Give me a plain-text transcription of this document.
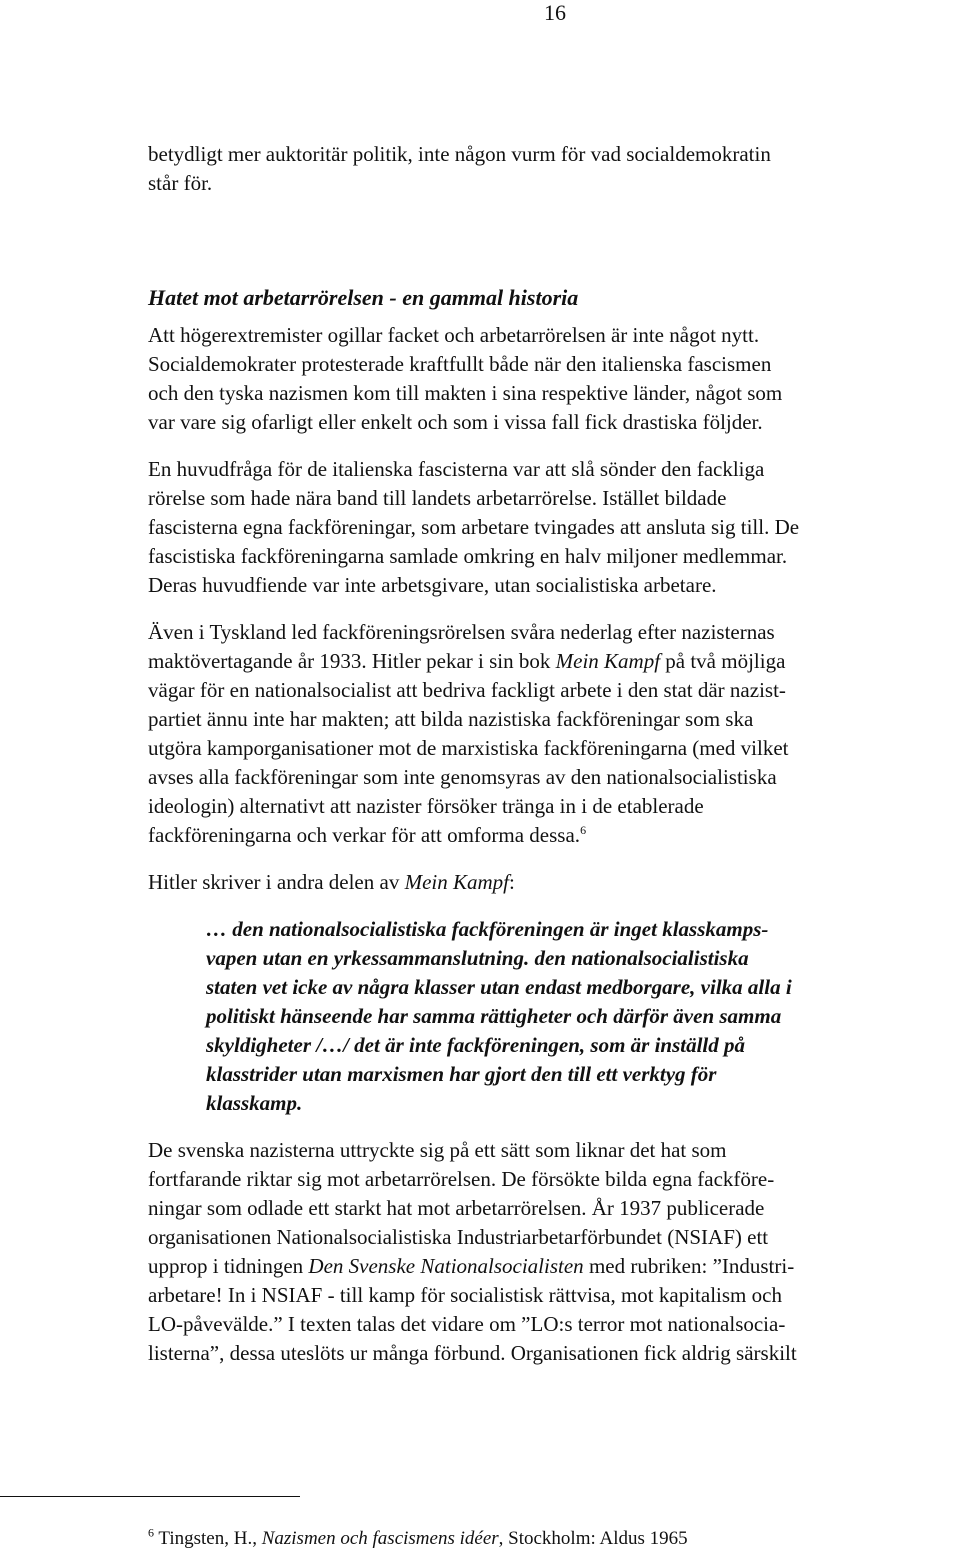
16

betydligt mer auktoritär politik, inte någon vurm för vad socialdemokratin

står för.

Hatet mot arbetarrörelsen - en gammal historia

Att högerextremister ogillar facket och arbetarrörelsen är inte något nytt.

Socialdemokrater protesterade kraftfullt både när den italienska fascismen

och den tyska nazismen kom till makten i sina respektive länder, något som

var vare sig ofarligt eller enkelt och som i vissa fall fick drastiska följder.

En huvudfråga för de italienska fascisterna var att slå sönder den fackliga

rörelse som hade nära band till landets arbetarrörelse. Istället bildade

fascisterna egna fackföreningar, som arbetare tvingades att ansluta sig till. De

fascistiska fackföreningarna samlade omkring en halv miljoner medlemmar.

Deras huvudfiende var inte arbetsgivare, utan socialistiska arbetare.

Även i Tyskland led fackföreningsrörelsen svåra nederlag efter nazisternas

maktövertagande år 1933. Hitler pekar i sin bok Mein Kampf på två möjliga

vägar för en nationalsocialist att bedriva fackligt arbete i den stat där nazist-

partiet ännu inte har makten; att bilda nazistiska fackföreningar som ska

utgöra kamporganisationer mot de marxistiska fackföreningarna (med vilket

avses alla fackföreningar som inte genomsyras av den nationalsocialistiska

ideologin) alternativt att nazister försöker tränga in i de etablerade

fackföreningarna och verkar för att omforma dessa.$^6$

Hitler skriver i andra delen av Mein Kampf:

… den nationalsocialistiska fackföreningen är inget klasskamps-
vapen utan en yrkessammanslutning. den nationalsocialistiska
staten vet icke av några klasser utan endast medborgare, vilka alla i
politiskt hänseende har samma rättigheter och därför även samma
skyldigheter /…/ det är inte fackföreningen, som är inställd på
klasstrider utan marxismen har gjort den till ett verktyg för
klasskamp.

De svenska nazisterna uttryckte sig på ett sätt som liknar det hat som

fortfarande riktar sig mot arbetarrörelsen. De försökte bilda egna fackföre-

ningar som odlade ett starkt hat mot arbetarrörelsen. År 1937 publicerade

organisationen Nationalsocialistiska Industriarbetarförbundet (NSIAF) ett

upprop i tidningen Den Svenske Nationalsocialisten med rubriken: ”Industri-

arbetare! In i NSIAF - till kamp för socialistisk rättvisa, mot kapitalism och

LO-påvevälde.” I texten talas det vidare om ”LO:s terror mot nationalsocia-

listerna”, dessa uteslöts ur många förbund. Organisationen fick aldrig särskilt

$^6$ Tingsten, H., Nazismen och fascismens idéer, Stockholm: Aldus 1965
